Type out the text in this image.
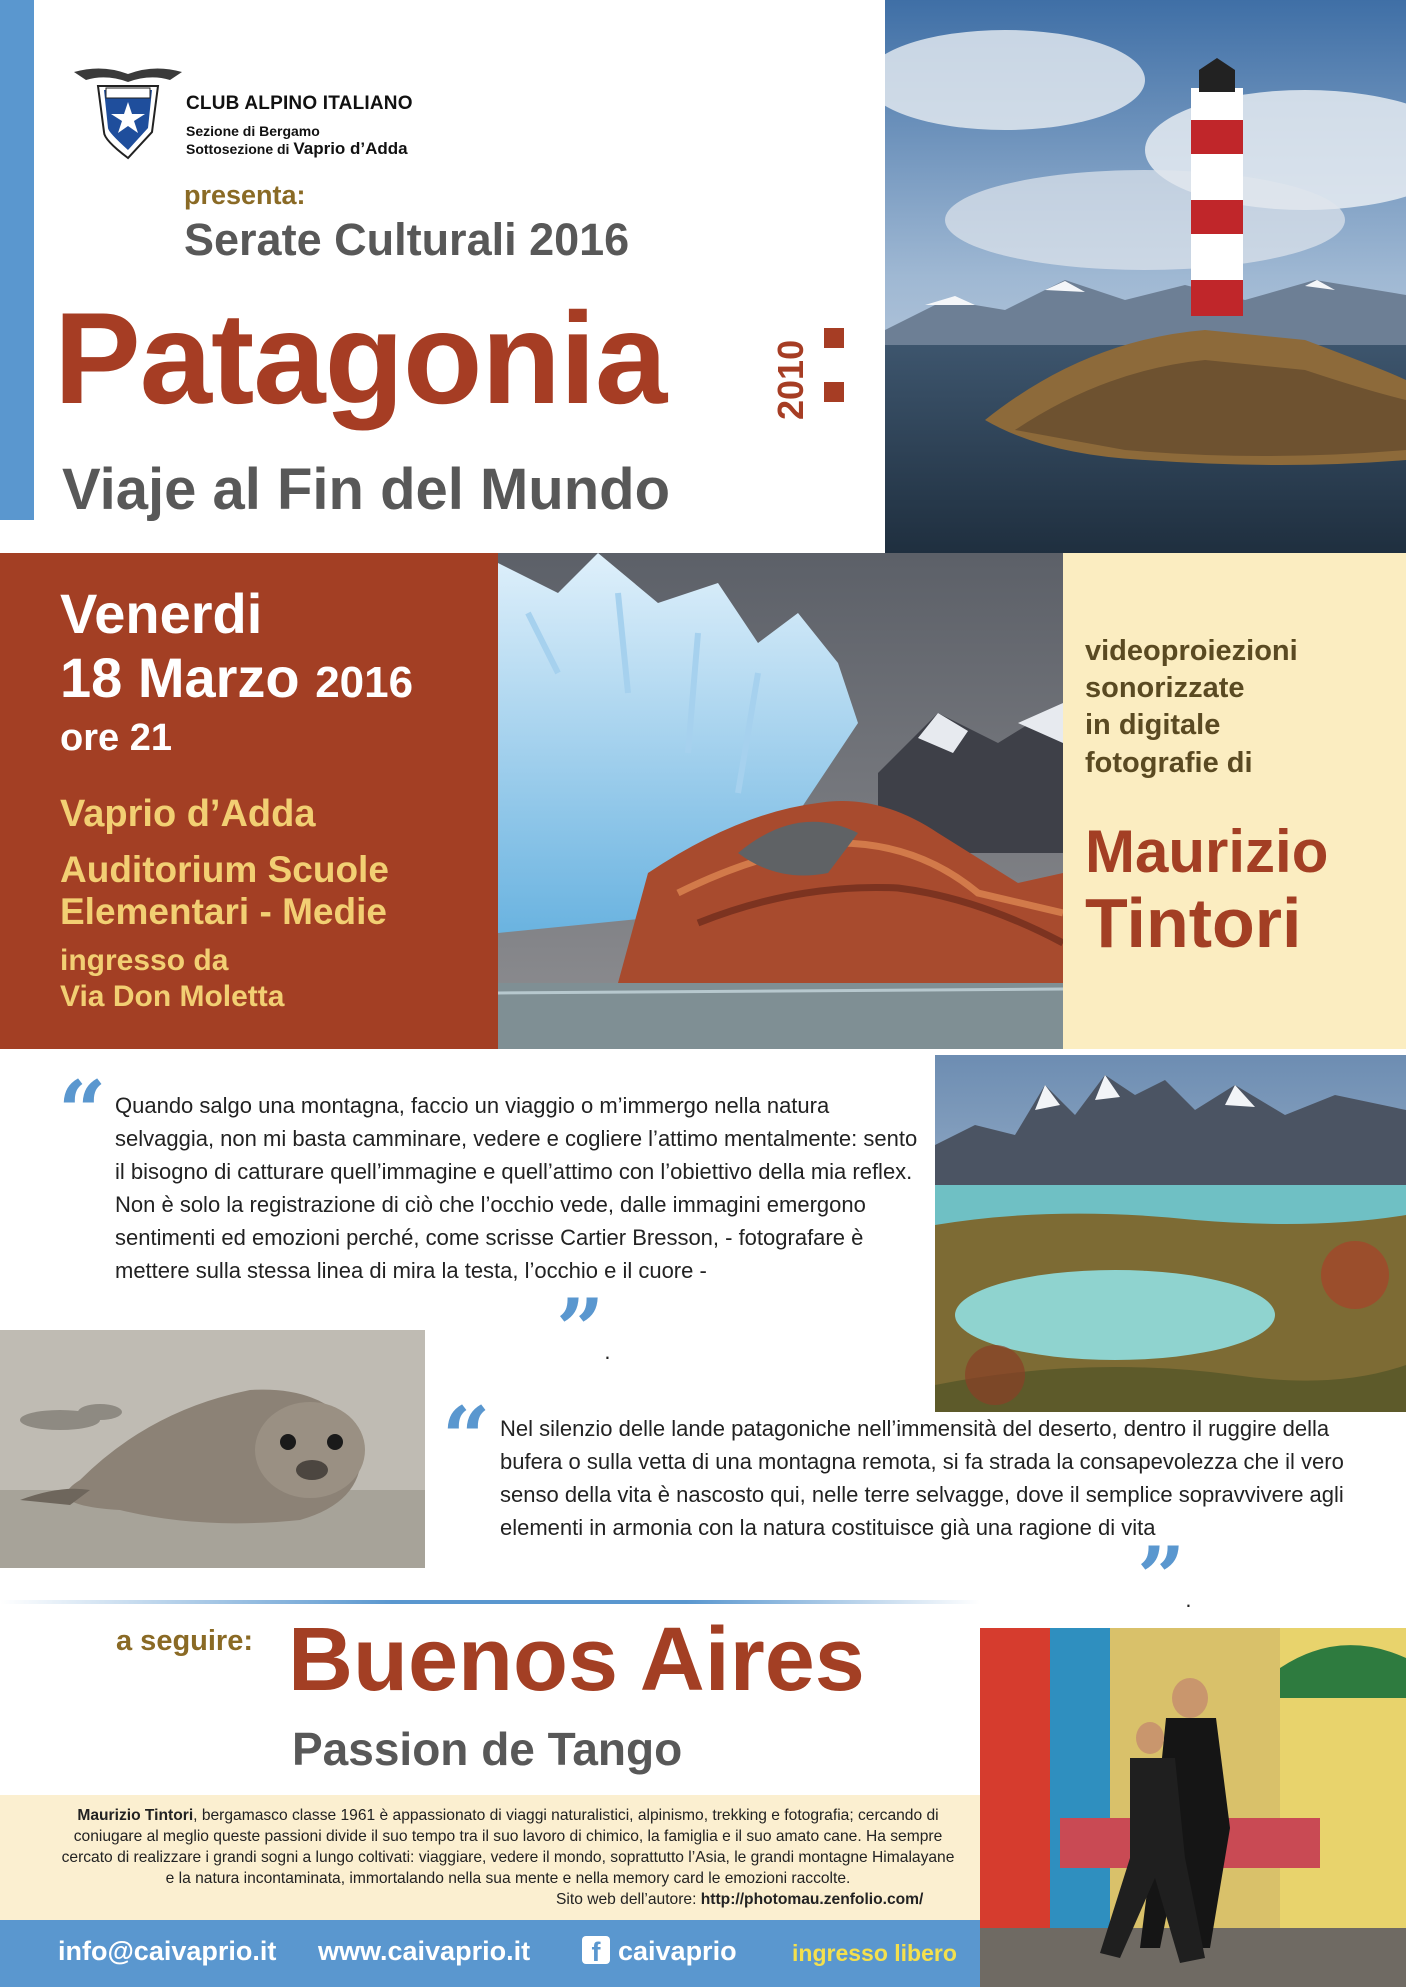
CLUB ALPINO ITALIANO
Sezione di Bergamo
Sottosezione di Vaprio d’Adda
presenta:
Serate Culturali 2016
Patagonia	2010
Viaje al Fin del Mundo
Venerdi
18 Marzo 2016
ore 21
Vaprio d’Adda
Auditorium Scuole
Elementari - Medie
ingresso da
Via Don Moletta
videoproiezioni
sonorizzate
in digitale
fotografie di
Maurizio
Tintori
“ Quando salgo una montagna, faccio un viaggio o m’immergo nella natura selvaggia, non mi basta camminare, vedere e cogliere l’attimo mentalmente: sento il bisogno di catturare quell’immagine e quell’attimo con l’obiettivo della mia reflex. Non è solo la registrazione di ciò che l’occhio vede, dalle immagini emergono sentimenti ed emozioni perché, come scrisse Cartier Bresson, - fotografare è mettere sulla stessa linea di mira la testa, l’occhio e il cuore -
”.
“ Nel silenzio delle lande patagoniche nell’immensità del deserto, dentro il ruggire della bufera o sulla vetta di una montagna remota, si fa strada la consapevolezza che il vero senso della vita è nascosto qui, nelle terre selvagge, dove il semplice sopravvivere agli elementi in armonia con la natura costituisce già una ragione di vita
”.
a seguire: Buenos Aires
Passion de Tango
Maurizio Tintori, bergamasco classe 1961 è appassionato di viaggi naturalistici, alpinismo, trekking e fotografia; cercando di coniugare al meglio queste passioni divide il suo tempo tra il suo lavoro di chimico, la famiglia e il suo amato cane. Ha sempre cercato di realizzare i grandi sogni a lungo coltivati: viaggiare, vedere il mondo, soprattutto l’Asia, le grandi montagne Himalayane e la natura incontaminata, immortalando nella sua mente e nella memory card le emozioni raccolte.
Sito web dell’autore: http://photomau.zenfolio.com/
info@caivaprio.it www.caivaprio.it	f caivaprio ingresso libero
